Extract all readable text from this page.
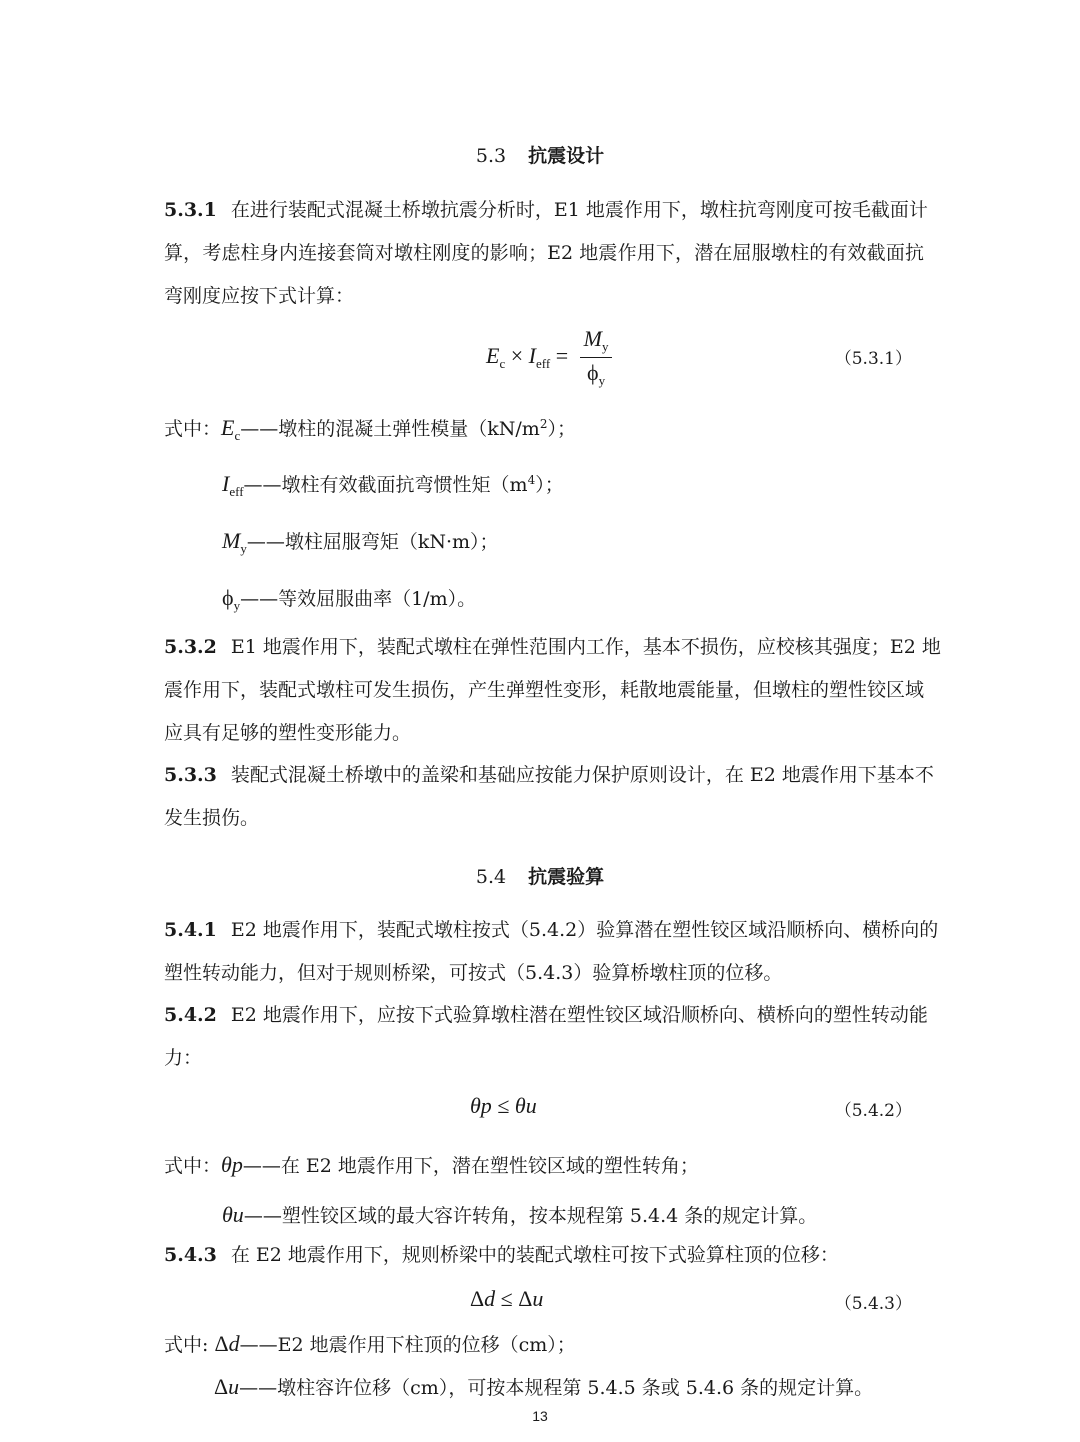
5.3 抗震设计
5.3.1 在进行装配式混凝土桥墩抗震分析时，E1 地震作用下，墩柱抗弯刚度可按毛截面计
算，考虑柱身内连接套筒对墩柱刚度的影响；E2 地震作用下，潜在屈服墩柱的有效截面抗
弯刚度应按下式计算：
$E_c \times I_{eff} = \frac{M_y}{\phi_y}$	（5.3.1）
式中：$E_c——$墩柱的混凝土弹性模量$(kN/m^2)$；
$I_{eff}——$墩柱有效截面抗弯惯性矩$(m^4)$；
$M_y——$墩柱屈服弯矩（kN·m）；
$\phi_y——$等效屈服曲率（1/m）。
5.3.2 E1 地震作用下，装配式墩柱在弹性范围内工作，基本不损伤，应校核其强度；E2 地
震作用下，装配式墩柱可发生损伤，产生弹塑性变形，耗散地震能量，但墩柱的塑性铰区域
应具有足够的塑性变形能力。
5.3.3 装配式混凝土桥墩中的盖梁和基础应按能力保护原则设计，在 E2 地震作用下基本不
发生损伤。
5.4 抗震验算
5.4.1 E2 地震作用下，装配式墩柱按式（5.4.2）验算潜在塑性铰区域沿顺桥向、横桥向的
塑性转动能力，但对于规则桥梁，可按式（5.4.3）验算桥墩柱顶的位移。
5.4.2 E2 地震作用下，应按下式验算墩柱潜在塑性铰区域沿顺桥向、横桥向的塑性转动能
力：
θp ≤ θu	（5.4.2）
式中：θp——在 E2 地震作用下，潜在塑性铰区域的塑性转角；
θu——塑性铰区域的最大容许转角，按本规程第 5.4.4 条的规定计算。
5.4.3 在 E2 地震作用下，规则桥梁中的装配式墩柱可按下式验算柱顶的位移：
Δd ≤ Δu	（5.4.3）
式中: Δd——E2 地震作用下柱顶的位移（cm）；
Δu——墩柱容许位移（cm），可按本规程第 5.4.5 条或 5.4.6 条的规定计算。
13
